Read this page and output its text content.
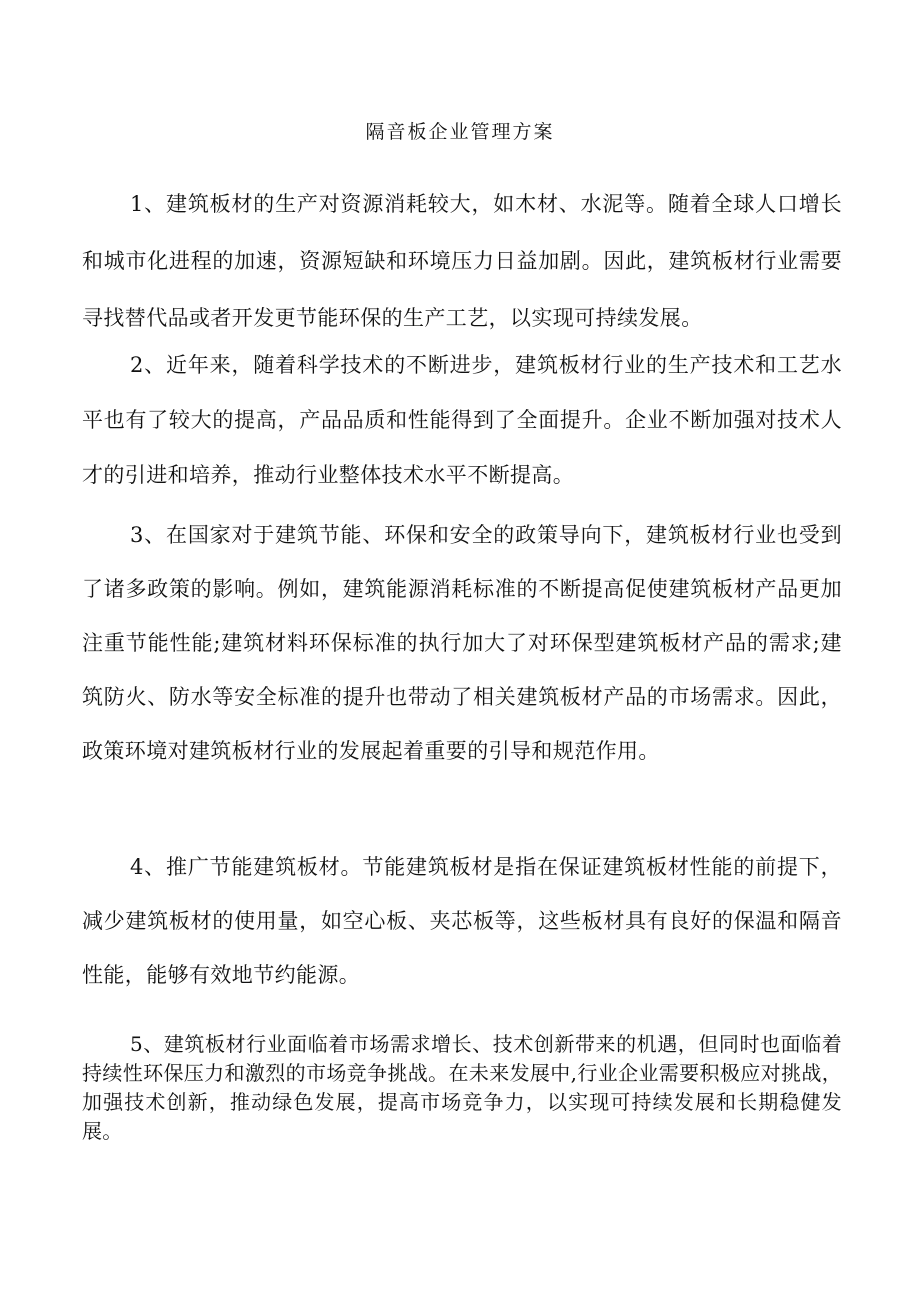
隔音板企业管理方案

1、建筑板材的生产对资源消耗较大，如木材、水泥等。随着全球人口增长和城市化进程的加速，资源短缺和环境压力日益加剧。因此，建筑板材行业需要寻找替代品或者开发更节能环保的生产工艺，以实现可持续发展。

2、近年来，随着科学技术的不断进步，建筑板材行业的生产技术和工艺水平也有了较大的提高，产品品质和性能得到了全面提升。企业不断加强对技术人才的引进和培养，推动行业整体技术水平不断提高。

3、在国家对于建筑节能、环保和安全的政策导向下，建筑板材行业也受到了诸多政策的影响。例如，建筑能源消耗标准的不断提高促使建筑板材产品更加注重节能性能;建筑材料环保标准的执行加大了对环保型建筑板材产品的需求;建筑防火、防水等安全标准的提升也带动了相关建筑板材产品的市场需求。因此，政策环境对建筑板材行业的发展起着重要的引导和规范作用。

4、推广节能建筑板材。节能建筑板材是指在保证建筑板材性能的前提下，减少建筑板材的使用量，如空心板、夹芯板等，这些板材具有良好的保温和隔音性能，能够有效地节约能源。

5、建筑板材行业面临着市场需求增长、技术创新带来的机遇，但同时也面临着持续性环保压力和激烈的市场竞争挑战。在未来发展中,行业企业需要积极应对挑战，加强技术创新，推动绿色发展，提高市场竞争力，以实现可持续发展和长期稳健发展。
